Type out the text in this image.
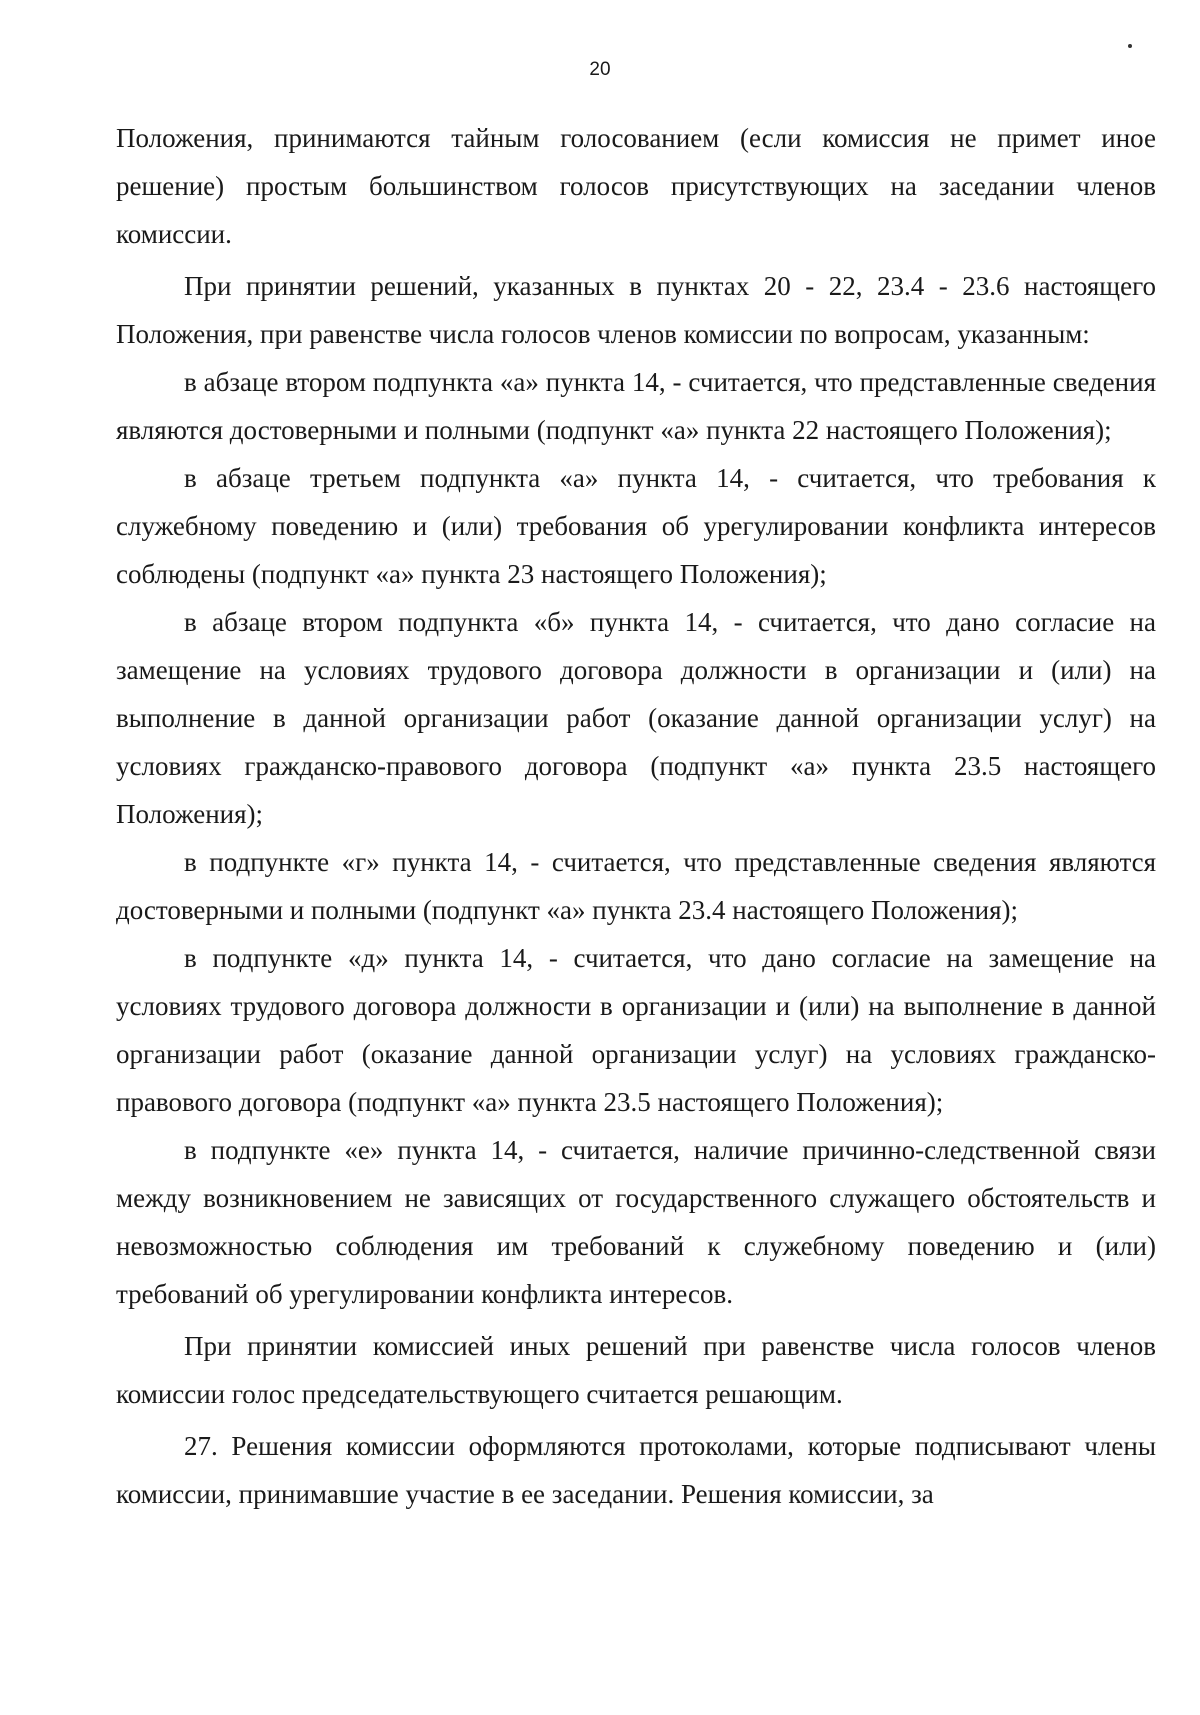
20

Положения, принимаются тайным голосованием (если комиссия не примет иное решение) простым большинством голосов присутствующих на заседании членов комиссии.

При принятии решений, указанных в пунктах 20 - 22, 23.4 - 23.6 настоящего Положения, при равенстве числа голосов членов комиссии по вопросам, указанным:

в абзаце втором подпункта «а» пункта 14, - считается, что представленные сведения являются достоверными и полными (подпункт «а» пункта 22 настоящего Положения);

в абзаце третьем подпункта «а» пункта 14, - считается, что требования к служебному поведению и (или) требования об урегулировании конфликта интересов соблюдены (подпункт «а» пункта 23 настоящего Положения);

в абзаце втором подпункта «б» пункта 14, - считается, что дано согласие на замещение на условиях трудового договора должности в организации и (или) на выполнение в данной организации работ (оказание данной организации услуг) на условиях гражданско-правового договора (подпункт «а» пункта 23.5 настоящего Положения);

в подпункте «г» пункта 14, - считается, что представленные сведения являются достоверными и полными (подпункт «а» пункта 23.4 настоящего Положения);

в подпункте «д» пункта 14, - считается, что дано согласие на замещение на условиях трудового договора должности в организации и (или) на выполнение в данной организации работ (оказание данной организации услуг) на условиях гражданско-правового договора (подпункт «а» пункта 23.5 настоящего Положения);

в подпункте «е» пункта 14, - считается, наличие причинно-следственной связи между возникновением не зависящих от государственного служащего обстоятельств и невозможностью соблюдения им требований к служебному поведению и (или) требований об урегулировании конфликта интересов.

При принятии комиссией иных решений при равенстве числа голосов членов комиссии голос председательствующего считается решающим.

27. Решения комиссии оформляются протоколами, которые подписывают члены комиссии, принимавшие участие в ее заседании. Решения комиссии, за
